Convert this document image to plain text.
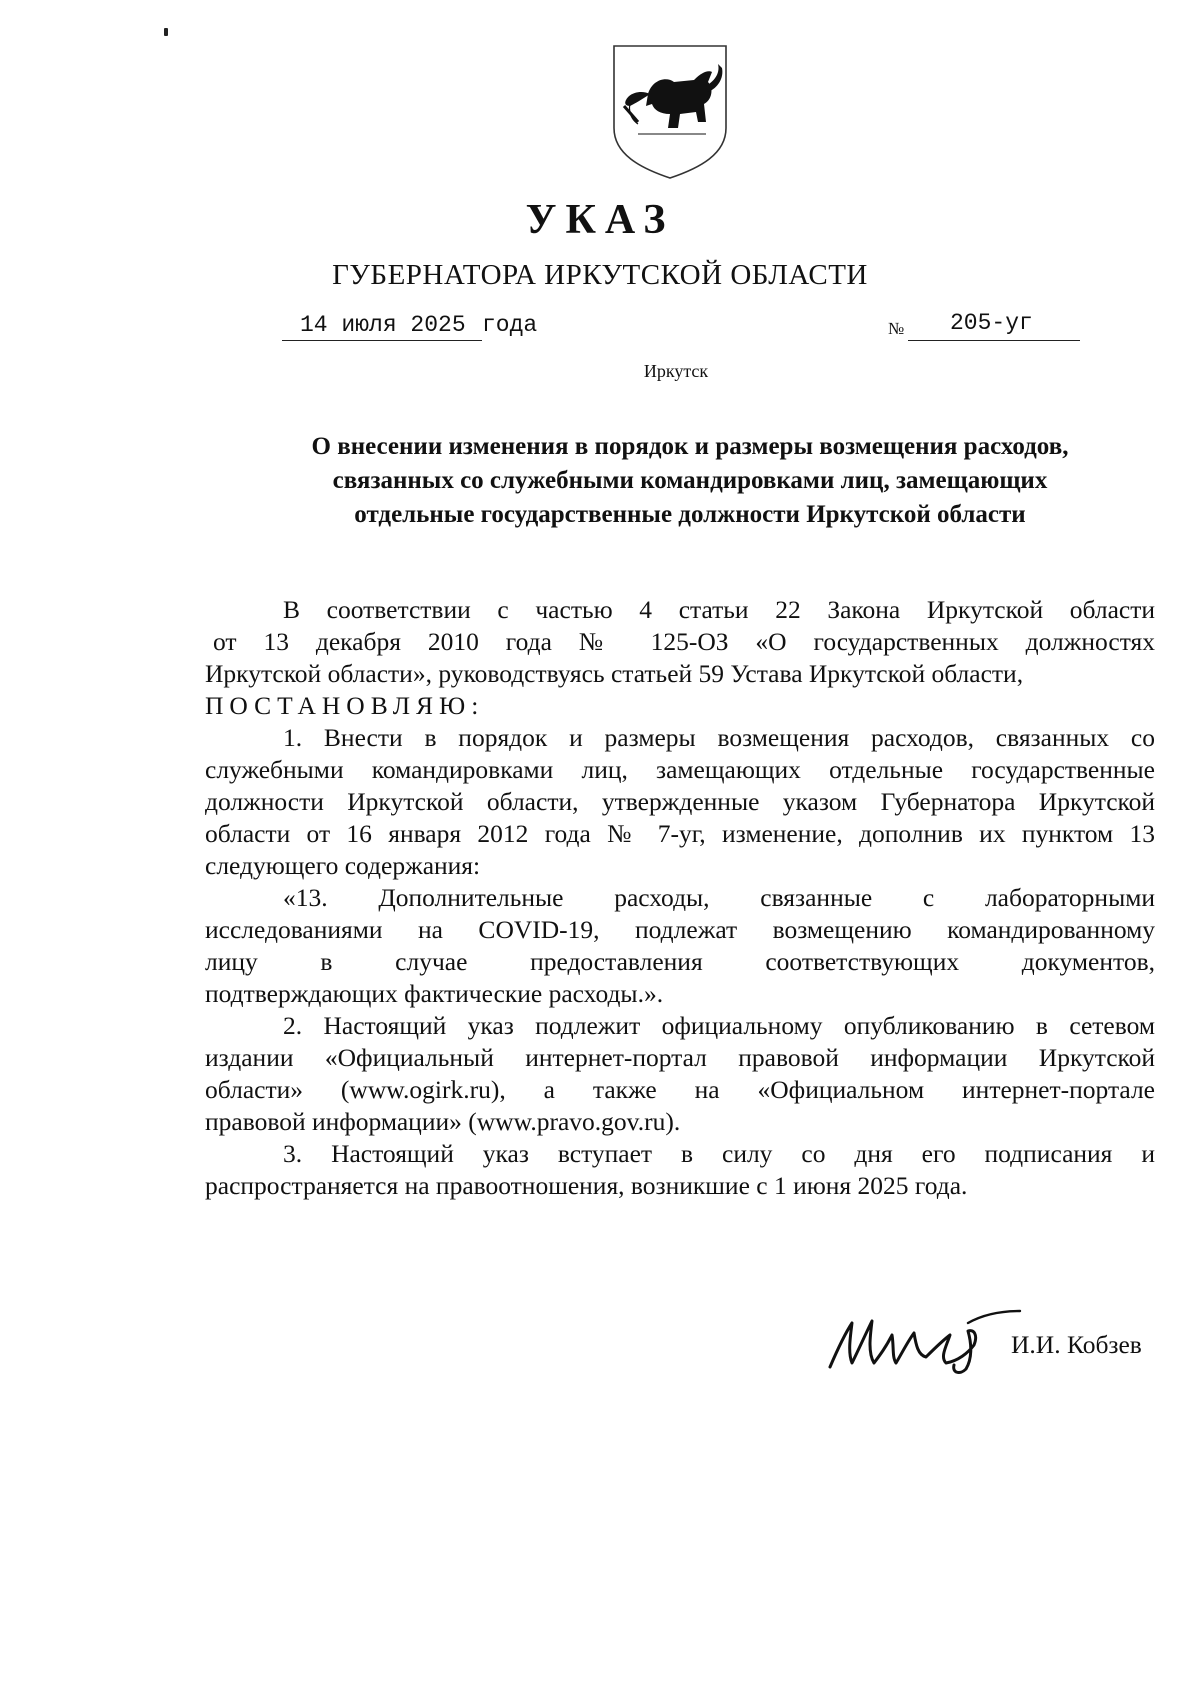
УКАЗ
ГУБЕРНАТОРА ИРКУТСКОЙ ОБЛАСТИ
14 июля 2025 года	№ 205-уг
Иркутск
О внесении изменения в порядок и размеры возмещения расходов,
связанных со служебными командировками лиц, замещающих
отдельные государственные должности Иркутской области
В соответствии с частью 4 статьи 22 Закона Иркутской области
от 13 декабря 2010 года № 125-ОЗ «О государственных должностях
Иркутской области», руководствуясь статьей 59 Устава Иркутской области,
ПОСТАНОВЛЯЮ:
1. Внести в порядок и размеры возмещения расходов, связанных со
служебными командировками лиц, замещающих отдельные государственные
должности Иркутской области, утвержденные указом Губернатора Иркутской
области от 16 января 2012 года № 7-уг, изменение, дополнив их пунктом 13
следующего содержания:
«13. Дополнительные расходы, связанные с лабораторными
исследованиями на COVID-19, подлежат возмещению командированному
лицу в случае предоставления соответствующих документов,
подтверждающих фактические расходы.».
2. Настоящий указ подлежит официальному опубликованию в сетевом
издании «Официальный интернет-портал правовой информации Иркутской
области» (www.ogirk.ru), а также на «Официальном интернет-портале
правовой информации» (www.pravo.gov.ru).
3. Настоящий указ вступает в силу со дня его подписания и
распространяется на правоотношения, возникшие с 1 июня 2025 года.
И.И. Кобзев
